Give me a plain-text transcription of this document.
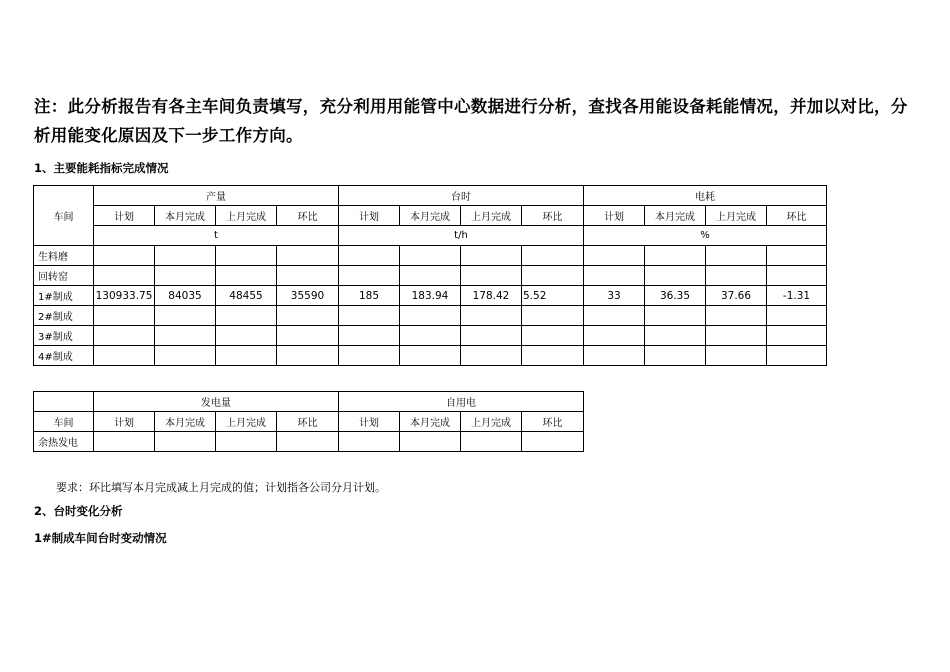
注：此分析报告有各主车间负责填写，充分利用用能管中心数据进行分析，查找各用能设备耗能情况，并加以对比，分析用能变化原因及下一步工作方向。
1、主要能耗指标完成情况
车间	产量				台时				电耗			
	计划	本月完成	上月完成	环比	计划	本月完成	上月完成	环比	计划	本月完成	上月完成	环比
	t				t/h				%			
生料磨												
回转窑												
1#制成	130933.75	84035	48455	35590	185	183.94	178.42	5.52	33	36.35	37.66	-1.31
2#制成												
3#制成												
4#制成												
	发电量				自用电			
车间	计划	本月完成	上月完成	环比	计划	本月完成	上月完成	环比
余热发电								
要求：环比填写本月完成减上月完成的值；计划指各公司分月计划。
2、台时变化分析
1#制成车间台时变动情况
